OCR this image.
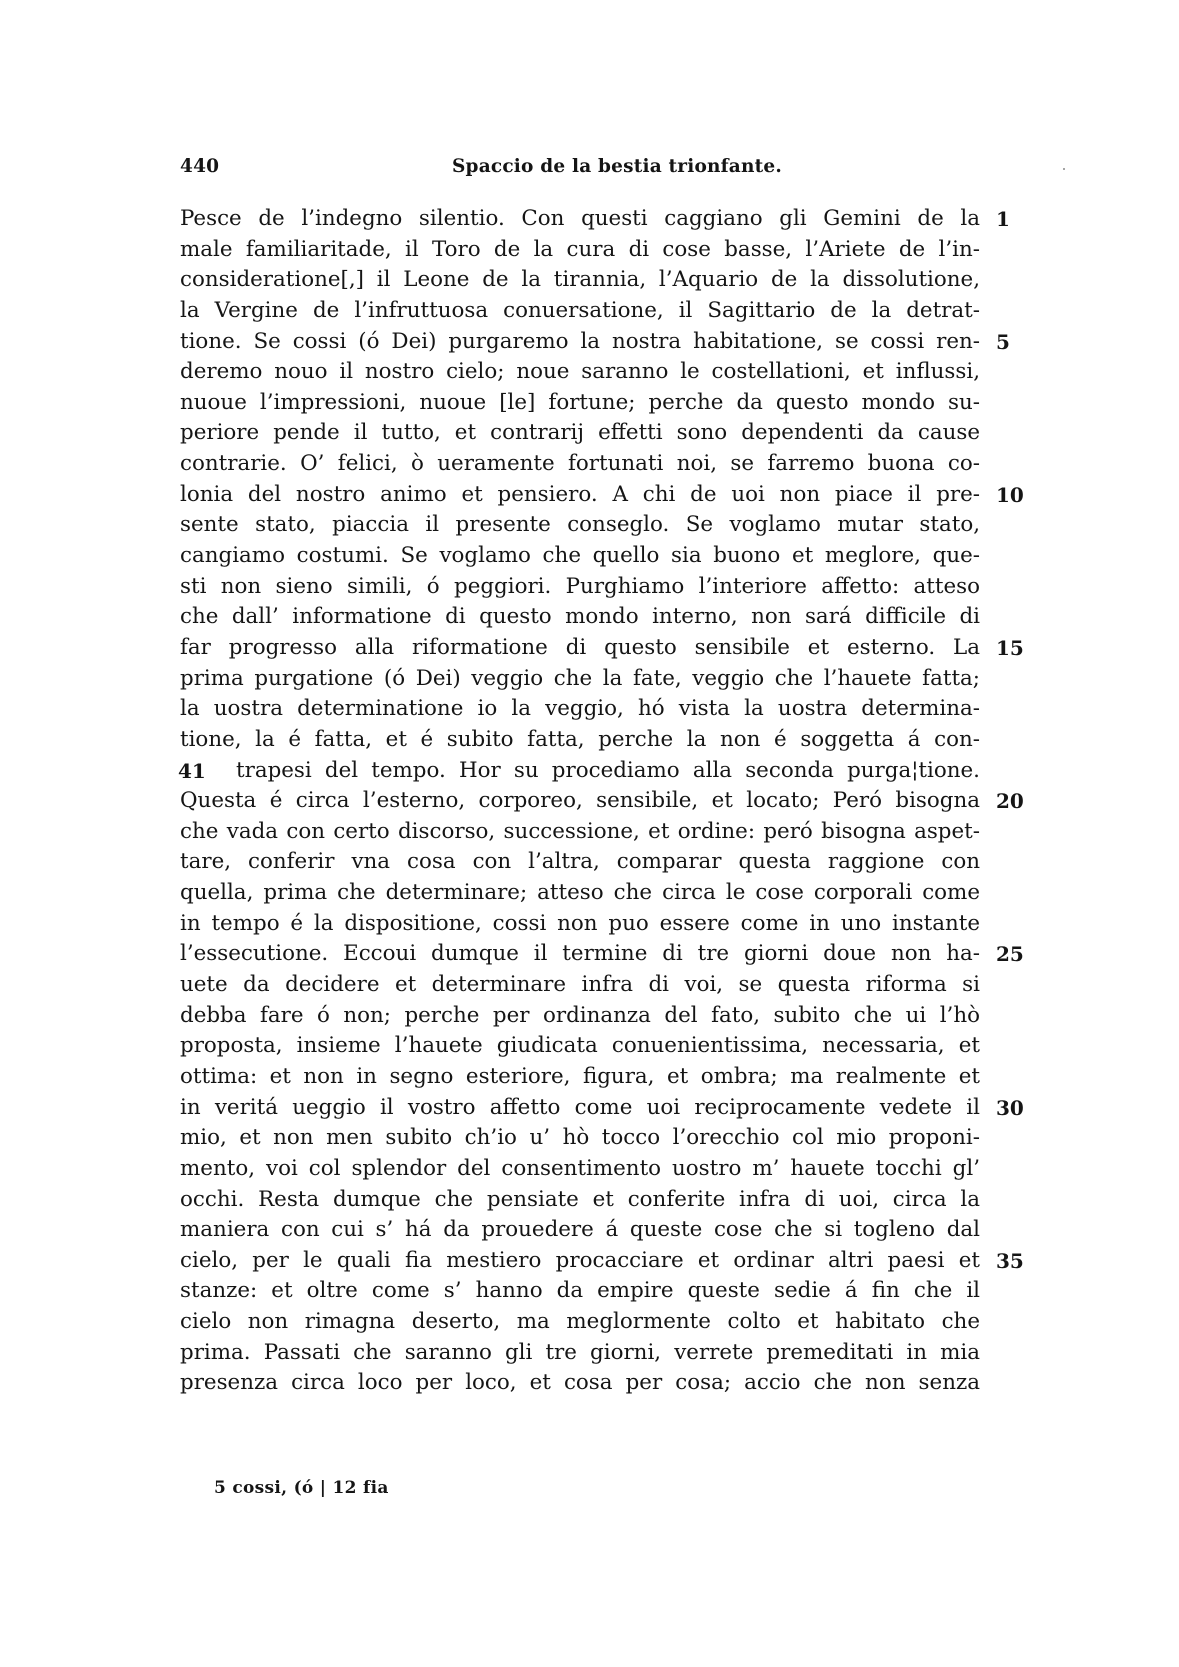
440	Spaccio de la bestia trionfante.
Pesce de l’indegno silentio. Con questi caggiano gli Gemini de la 1
male familiaritade, il Toro de la cura di cose basse, l’Ariete de l’in-
consideratione[,] il Leone de la tirannia, l’Aquario de la dissolutione,
la Vergine de l’infruttuosa conuersatione, il Sagittario de la detrat-
tione. Se cossi (ó Dei) purgaremo la nostra habitatione, se cossi ren- 5
deremo nouo il nostro cielo; noue saranno le costellationi, et influssi,
nuoue l’impressioni, nuoue [le] fortune; perche da questo mondo su-
periore pende il tutto, et contrarij effetti sono dependenti da cause
contrarie. O’ felici, ò ueramente fortunati noi, se farremo buona co-
lonia del nostro animo et pensiero. A chi de uoi non piace il pre- 10
sente stato, piaccia il presente conseglo. Se voglamo mutar stato,
cangiamo costumi. Se voglamo che quello sia buono et meglore, que-
sti non sieno simili, ó peggiori. Purghiamo l’interiore affetto: atteso
che dall’ informatione di questo mondo interno, non sará difficile di
far progresso alla riformatione di questo sensibile et esterno. La 15
prima purgatione (ó Dei) veggio che la fate, veggio che l’hauete fatta;
la uostra determinatione io la veggio, hó vista la uostra determina-
tione, la é fatta, et é subito fatta, perche la non é soggetta á con-
41 trapesi del tempo. Hor su procediamo alla seconda purga¦tione.
Questa é circa l’esterno, corporeo, sensibile, et locato; Peró bisogna 20
che vada con certo discorso, successione, et ordine: peró bisogna aspet-
tare, conferir vna cosa con l’altra, comparar questa raggione con
quella, prima che determinare; atteso che circa le cose corporali come
in tempo é la dispositione, cossi non puo essere come in uno instante
l’essecutione. Eccoui dumque il termine di tre giorni doue non ha- 25
uete da decidere et determinare infra di voi, se questa riforma si
debba fare ó non; perche per ordinanza del fato, subito che ui l’hò
proposta, insieme l’hauete giudicata conuenientissima, necessaria, et
ottima: et non in segno esteriore, figura, et ombra; ma realmente et
in veritá ueggio il vostro affetto come uoi reciprocamente vedete il 30
mio, et non men subito ch’io u’ hò tocco l’orecchio col mio proponi-
mento, voi col splendor del consentimento uostro m’ hauete tocchi gl’
occhi. Resta dumque che pensiate et conferite infra di uoi, circa la
maniera con cui s’ há da prouedere á queste cose che si togleno dal
cielo, per le quali fia mestiero procacciare et ordinar altri paesi et 35
stanze: et oltre come s’ hanno da empire queste sedie á fin che il
cielo non rimagna deserto, ma meglormente colto et habitato che
prima. Passati che saranno gli tre giorni, verrete premeditati in mia
presenza circa loco per loco, et cosa per cosa; accio che non senza
5 cossi, (ó | 12 fia
